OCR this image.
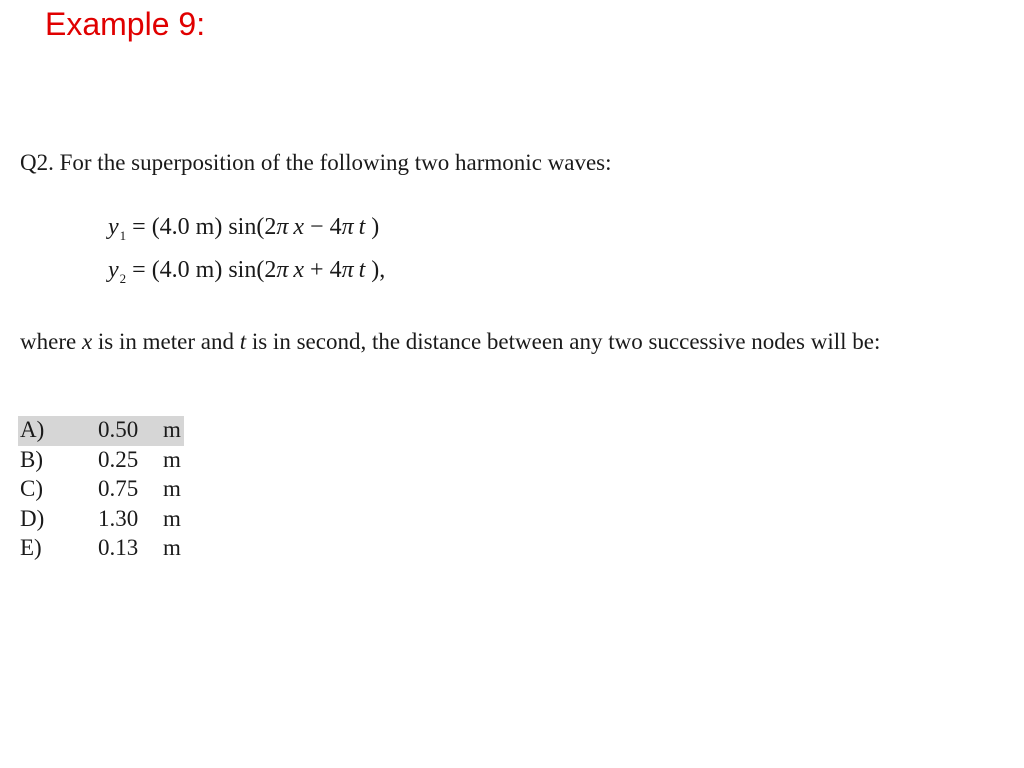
Example 9:
Q2. For the superposition of the following two harmonic waves:
$y_1 = (4.0$ m) sin(2π x − 4π t )
$y_2 = (4.0$ m) sin(2π x + 4π t ),
where x is in meter and t is in second, the distance between any two successive nodes will be:
A) 0.50 m
B) 0.25 m
C) 0.75 m
D) 1.30 m
E) 0.13 m
